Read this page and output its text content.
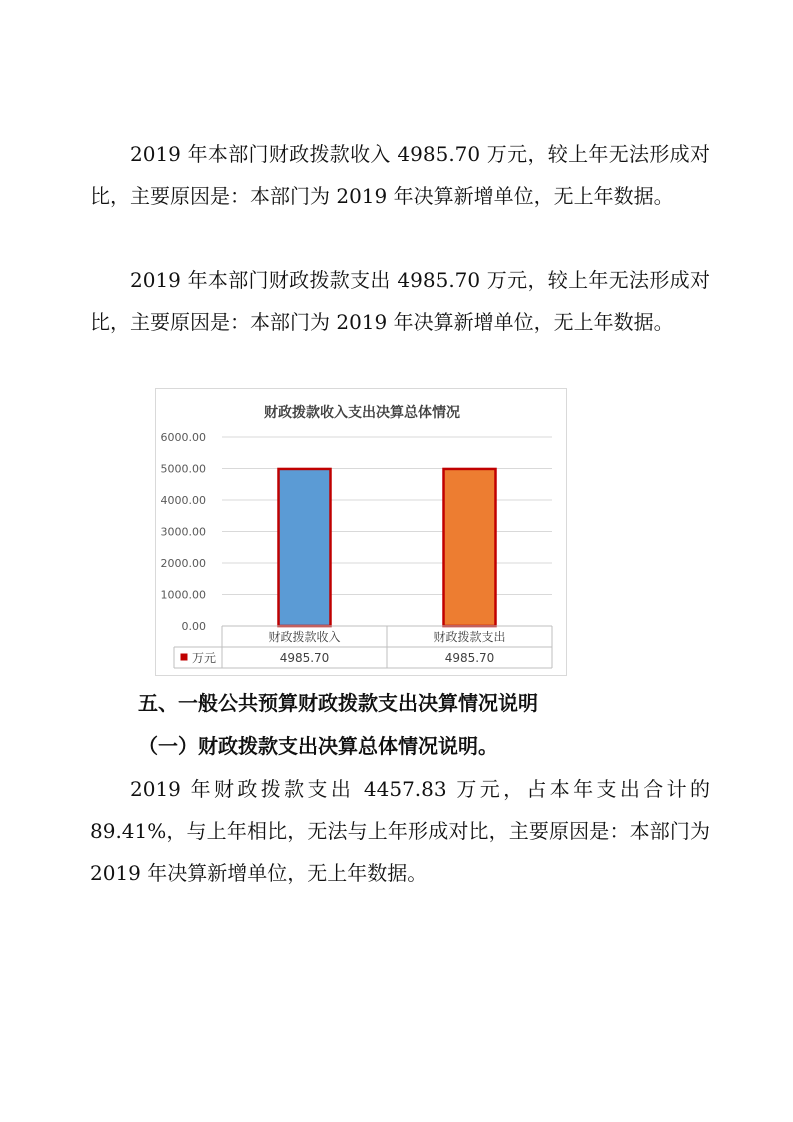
2019 年本部门财政拨款收入 4985.70 万元，较上年无法形成对比，主要原因是：本部门为 2019 年决算新增单位，无上年数据。

2019 年本部门财政拨款支出 4985.70 万元，较上年无法形成对比，主要原因是：本部门为 2019 年决算新增单位，无上年数据。

财政拨款收入支出决算总体情况
0.00
1000.00
2000.00
3000.00
4000.00
5000.00
6000.00
万元
财政拨款收入
4985.70
财政拨款支出
4985.70
五、一般公共预算财政拨款支出决算情况说明
（一）财政拨款支出决算总体情况说明。

2019 年财政拨款支出 4457.83 万元，占本年支出合计的 89.41%，与上年相比，无法与上年形成对比，主要原因是：本部门为 2019 年决算新增单位，无上年数据。
